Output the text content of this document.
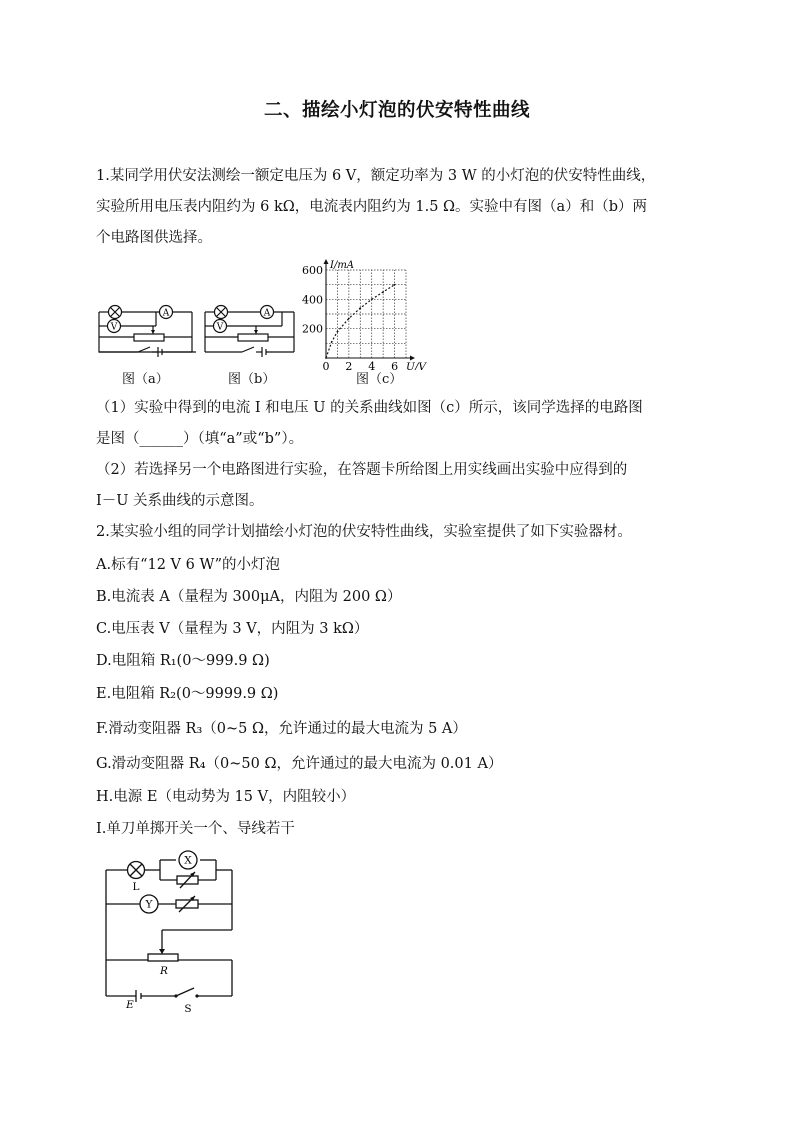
二、描绘小灯泡的伏安特性曲线
1.某同学用伏安法测绘一额定电压为 6 V，额定功率为 3 W 的小灯泡的伏安特性曲线，
实验所用电压表内阻约为 6 kΩ，电流表内阻约为 1.5 Ω。实验中有图（a）和（b）两
个电路图供选择。
A
V
图（a）
A
V
图（b）
0 2 4 6
200
400
600
U/V
I/mA
图（c）
（1）实验中得到的电流 I 和电压 U 的关系曲线如图（c）所示，该同学选择的电路图
是图（______）（填“a”或“b”）。
（2）若选择另一个电路图进行实验，在答题卡所给图上用实线画出实验中应得到的
I－U 关系曲线的示意图。
2.某实验小组的同学计划描绘小灯泡的伏安特性曲线，实验室提供了如下实验器材。
A.标有“12 V 6 W”的小灯泡
B.电流表 A（量程为 300μA，内阻为 200 Ω）
C.电压表 V（量程为 3 V，内阻为 3 kΩ）
D.电阻箱 R₁(0～999.9 Ω)
E.电阻箱 R₂(0～9999.9 Ω)
F.滑动变阻器 R₃（0~5 Ω，允许通过的最大电流为 5 A）
G.滑动变阻器 R₄（0~50 Ω，允许通过的最大电流为 0.01 A）
H.电源 E（电动势为 15 V，内阻较小）
I.单刀单掷开关一个、导线若干
X
Y
L
R
E	S
